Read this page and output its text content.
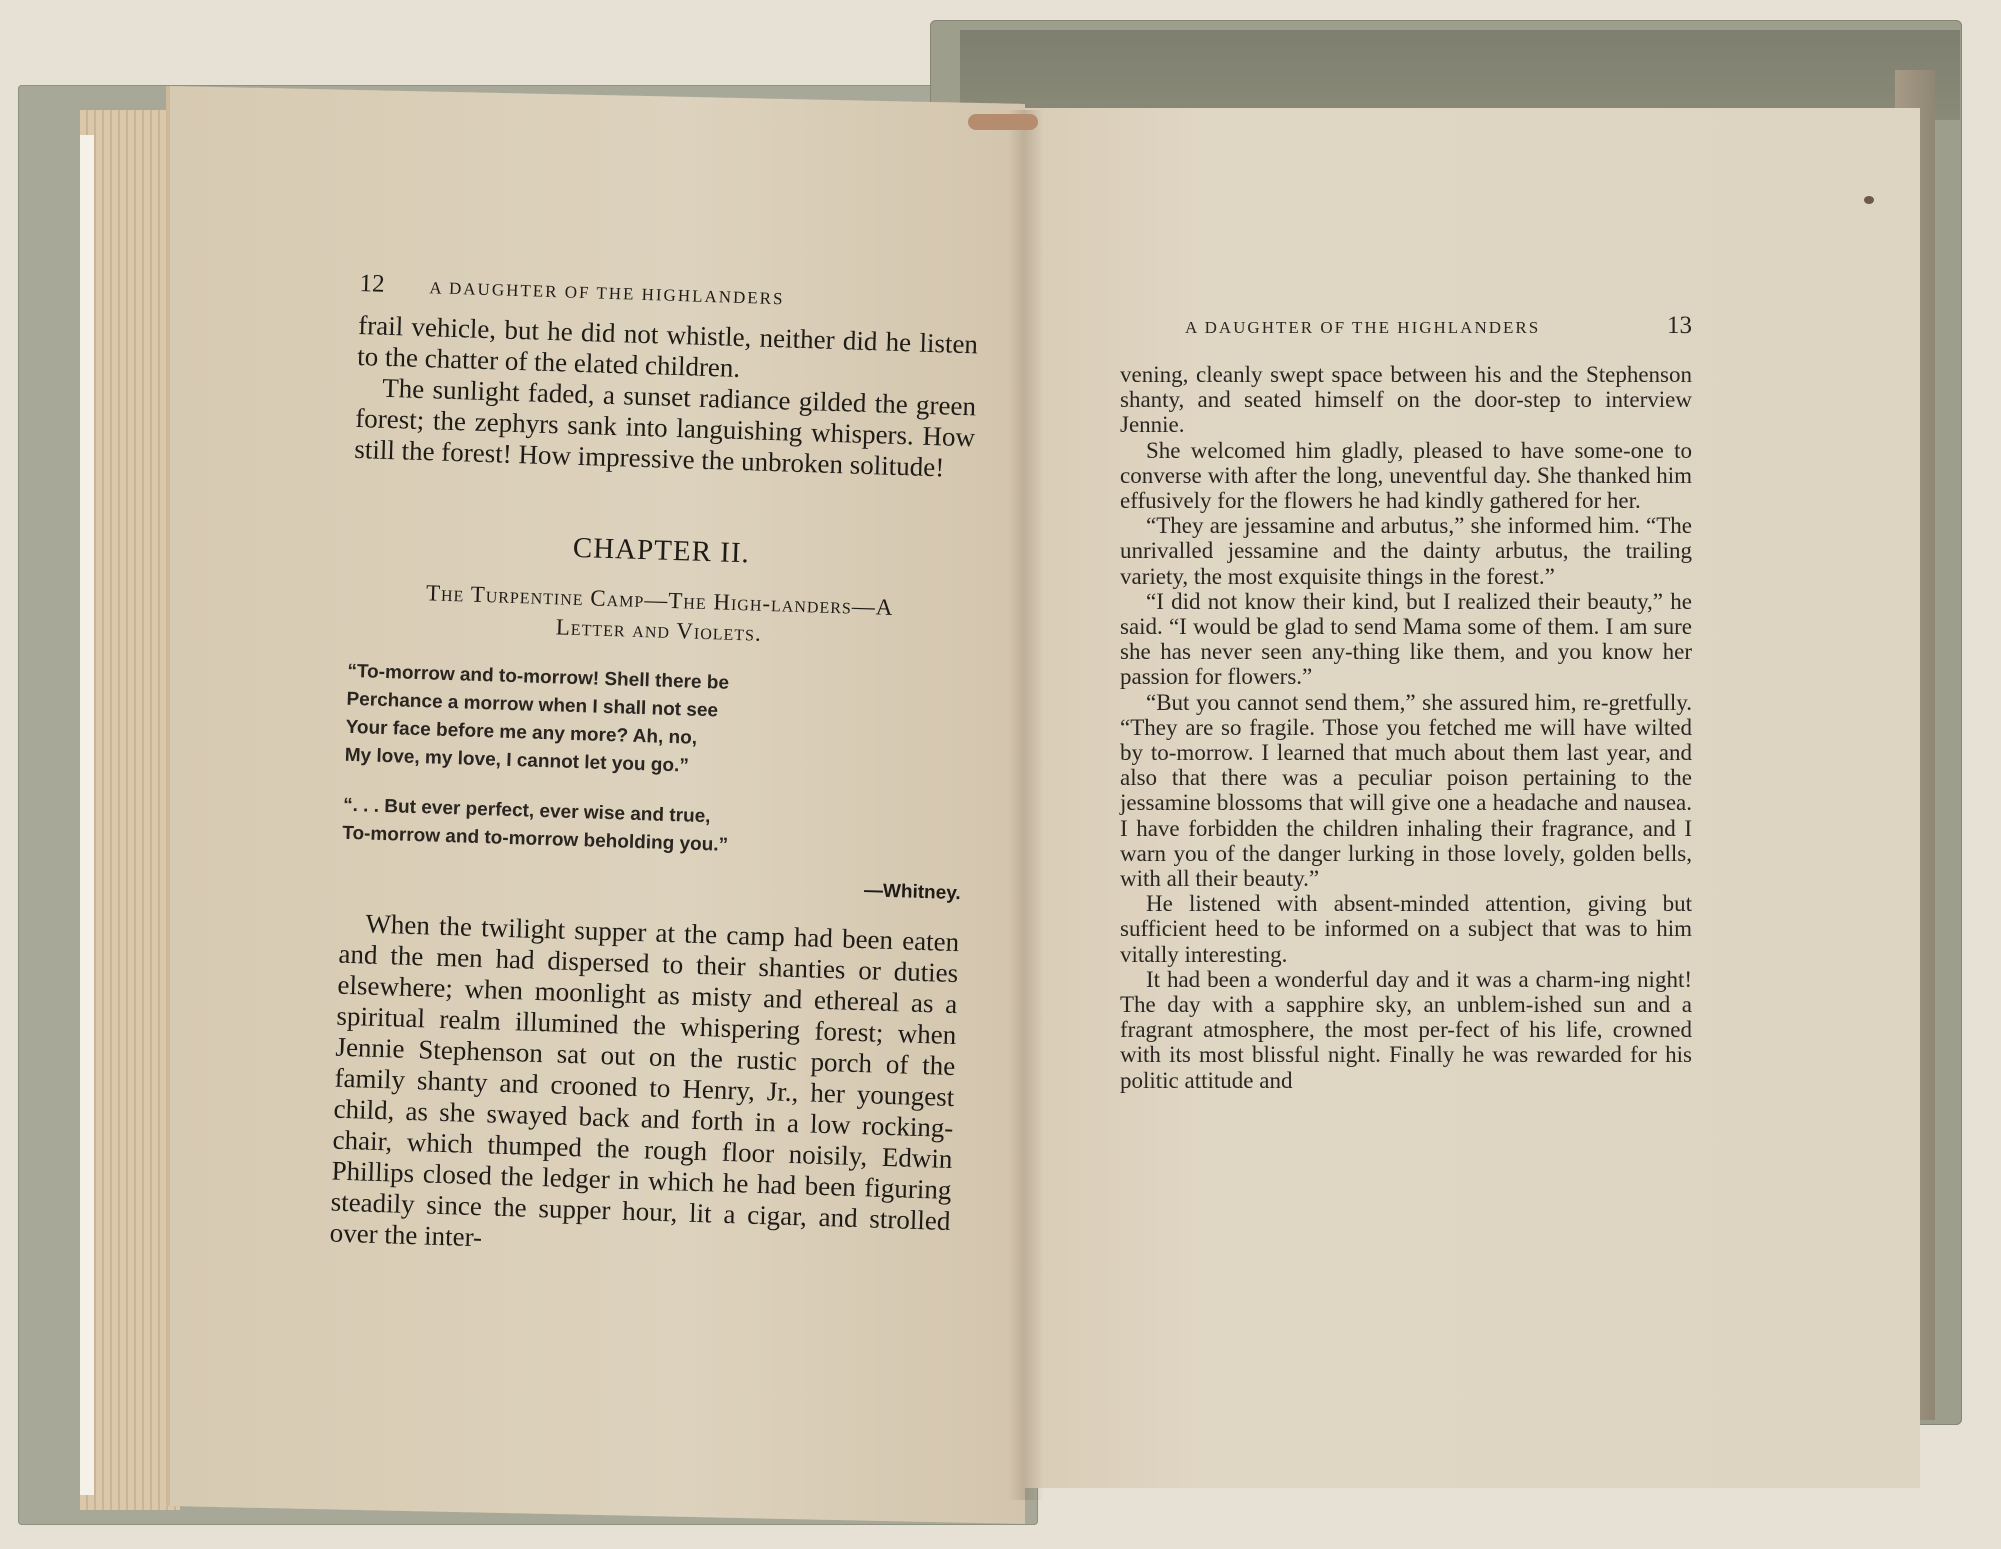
12	A DAUGHTER OF THE HIGHLANDERS

frail vehicle, but he did not whistle, neither did he listen to the chatter of the elated children.

The sunlight faded, a sunset radiance gilded the green forest; the zephyrs sank into languishing whispers. How still the forest! How impressive the unbroken solitude!

CHAPTER II.
The Turpentine Camp—The High-landers—A
Letter and Violets.
“To-morrow and to-morrow! Shell there be
Perchance a morrow when I shall not see
Your face before me any more? Ah, no,
My love, my love, I cannot let you go.”
“. . . But ever perfect, ever wise and true,
To-morrow and to-morrow beholding you.”
—Whitney.

When the twilight supper at the camp had been eaten and the men had dispersed to their shanties or duties elsewhere; when moonlight as misty and ethereal as a spiritual realm illumined the whispering forest; when Jennie Stephenson sat out on the rustic porch of the family shanty and crooned to Henry, Jr., her youngest child, as she swayed back and forth in a low rocking-chair, which thumped the rough floor noisily, Edwin Phillips closed the ledger in which he had been figuring steadily since the supper hour, lit a cigar, and strolled over the inter-

A DAUGHTER OF THE HIGHLANDERS	13

vening, cleanly swept space between his and the Stephenson shanty, and seated himself on the door-step to interview Jennie.

She welcomed him gladly, pleased to have some-one to converse with after the long, uneventful day. She thanked him effusively for the flowers he had kindly gathered for her.

“They are jessamine and arbutus,” she informed him. “The unrivalled jessamine and the dainty arbutus, the trailing variety, the most exquisite things in the forest.”

“I did not know their kind, but I realized their beauty,” he said. “I would be glad to send Mama some of them. I am sure she has never seen any-thing like them, and you know her passion for flowers.”

“But you cannot send them,” she assured him, re-gretfully. “They are so fragile. Those you fetched me will have wilted by to-morrow. I learned that much about them last year, and also that there was a peculiar poison pertaining to the jessamine blossoms that will give one a headache and nausea. I have forbidden the children inhaling their fragrance, and I warn you of the danger lurking in those lovely, golden bells, with all their beauty.”

He listened with absent-minded attention, giving but sufficient heed to be informed on a subject that was to him vitally interesting.

It had been a wonderful day and it was a charm-ing night! The day with a sapphire sky, an unblem-ished sun and a fragrant atmosphere, the most per-fect of his life, crowned with its most blissful night. Finally he was rewarded for his politic attitude and
